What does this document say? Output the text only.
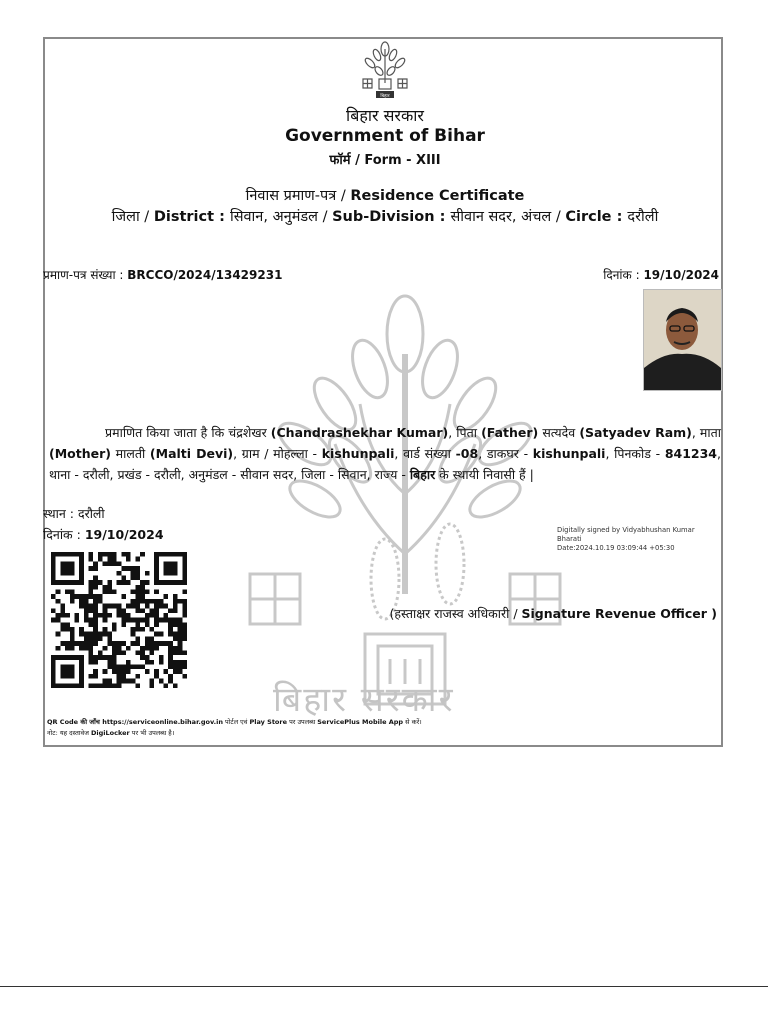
बिहार
बिहार सरकार
Government of Bihar
फॉर्म / Form - XIII
निवास प्रमाण-पत्र / Residence Certificate
जिला / District : सिवान, अनुमंडल / Sub-Division : सीवान सदर, अंचल / Circle : दरौली
प्रमाण-पत्र संख्या : BRCCO/2024/13429231	दिनांक : 19/10/2024
प्रमाणित किया जाता है कि चंद्रशेखर (Chandrashekhar Kumar), पिता (Father) सत्यदेव (Satyadev Ram), माता (Mother) मालती (Malti Devi), ग्राम / मोहल्ला - kishunpali, वार्ड संख्या -08, डाकघर - kishunpali, पिनकोड - 841234, थाना - दरौली, प्रखंड - दरौली, अनुमंडल - सीवान सदर, जिला - सिवान, राज्य - बिहार के स्थायी निवासी हैं |
स्थान : दरौली
दिनांक : 19/10/2024	Digitally signed by Vidyabhushan Kumar Bharati
Date:2024.10.19 03:09:44 +05:30
(हस्ताक्षर राजस्व अधिकारी / Signature Revenue Officer )
बिहार सरकार
QR Code की जाँच https://serviceonline.bihar.gov.in पोर्टल एवं Play Store पर उपलब्ध ServicePlus Mobile App से करें।
नोट: यह दस्तावेज DigiLocker पर भी उपलब्ध है।
